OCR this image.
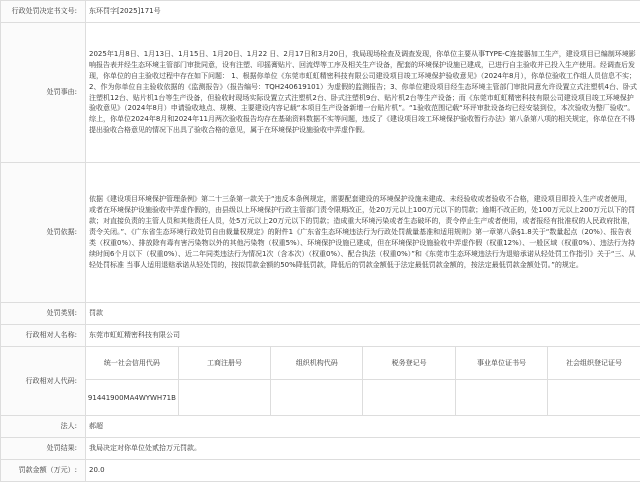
行政处罚决定书文号:	东环罚字[2025]171号
处罚事由:	

2025年1月8日、1月13日、1月15日、1月20日、1月22 日、2月17日和3月20日，我局现场检查及调查发现，你单位主要从事TYPE-C连接器加工生产，建设项目已编制环境影响报告表并经生态环境主管部门审批同意，设有注塑、印摇膏贴片、回流焊等工序及相关生产设备，配套的环境保护设施已建成，已进行自主验收并已投入生产使用。经调查后发现，你单位的自主验收过程中存在如下问题： 1、根据你单位《东莞市虹虹精密科技有限公司建设项目竣工环境保护验收意见》（2024年8月），你单位验收工作组人员信息不实；2、作为你单位自主验收依据的《监测报告》（报告编号：TQH240619101）为虚假的监测报告；3、你单位建设项目经生态环境主管部门审批同意允许设置立式注塑机4台、卧式注塑机12台、贴片机1台等生产设备，但验收时现场实际设置立式注塑机2台、卧式注塑机9台、贴片机2台等生产设备；而《东莞市虹虹精密科技有限公司建设项目竣工环境保护验收意见》（2024年8月）申请验收地点、规模、主要建设内容记载“本项目生产设备新增一台贴片机”。“1验收范围记载“环评审批设备均已经安装到位，本次验收为整厂验收”。综上，你单位2024年8月和2024年11月两次验收报告均存在基础资料数据不实等问题，违反了《建设项目竣工环境保护验收暂行办法》第八条第八项的相关规定，你单位在不得提出验收合格意见的情况下出具了验收合格的意见，属于在环境保护设施验收中弄虚作假。

处罚依据:	

依据《建设项目环境保护管理条例》第二十三条第一款关于“违反本条例规定，需要配套建设的环境保护设施未建成、未经验收或者验收不合格，建设项目即投入生产或者使用，或者在环境保护设施验收中弄虚作假的，由县级以上环境保护行政主管部门责令限期改正，处20万元以上100万元以下的罚款；逾期不改正的，处100万元以上200万元以下的罚款；对直接负责的主管人员和其他责任人员，处5万元以上20万元以下的罚款；造成重大环境污染或者生态破坏的，责令停止生产或者使用，或者报经有批准权的人民政府批准，责令关闭。”、《广东省生态环境行政处罚自由裁量权规定》的附件1《广东省生态环境违法行为行政处罚裁量基准和适用规则》第一章第八条§1.8关于“数量起点（20%）、报告表类（权重0%）、排放除有毒有害污染物以外的其他污染物（权重5%）、环境保护设施已建成，但在环境保护设施验收中弄虚作假（权重12%）、一般区域（权重0%）、违法行为持续时间6个月以下（权重0%）、近二年同类违法行为情况1次（含本次）（权重0%）、配合执法（权重0%）”和《东莞市生态环境违法行为退赔承诺从轻处罚工作指引》关于“三、从轻处罚标准 当事人适用退赔承诺从轻处罚的，按拟罚款金额的50%降低罚款，降低后的罚款金额低于法定最低罚款金额的，按法定最低罚款金额处罚。”的规定。

处罚类别:	罚款
行政相对人名称:	东莞市虹虹精密科技有限公司
行政相对人代码:	
统一社会信用代码	工商注册号	组织机构代码	税务登记号	事业单位证书号	社会组织登记证号
91441900MA4WYWH71B					

法人:	郝超
处罚结果:	我局决定对你单位处贰拾万元罚款。
罚款金额（万元）:	20.0
